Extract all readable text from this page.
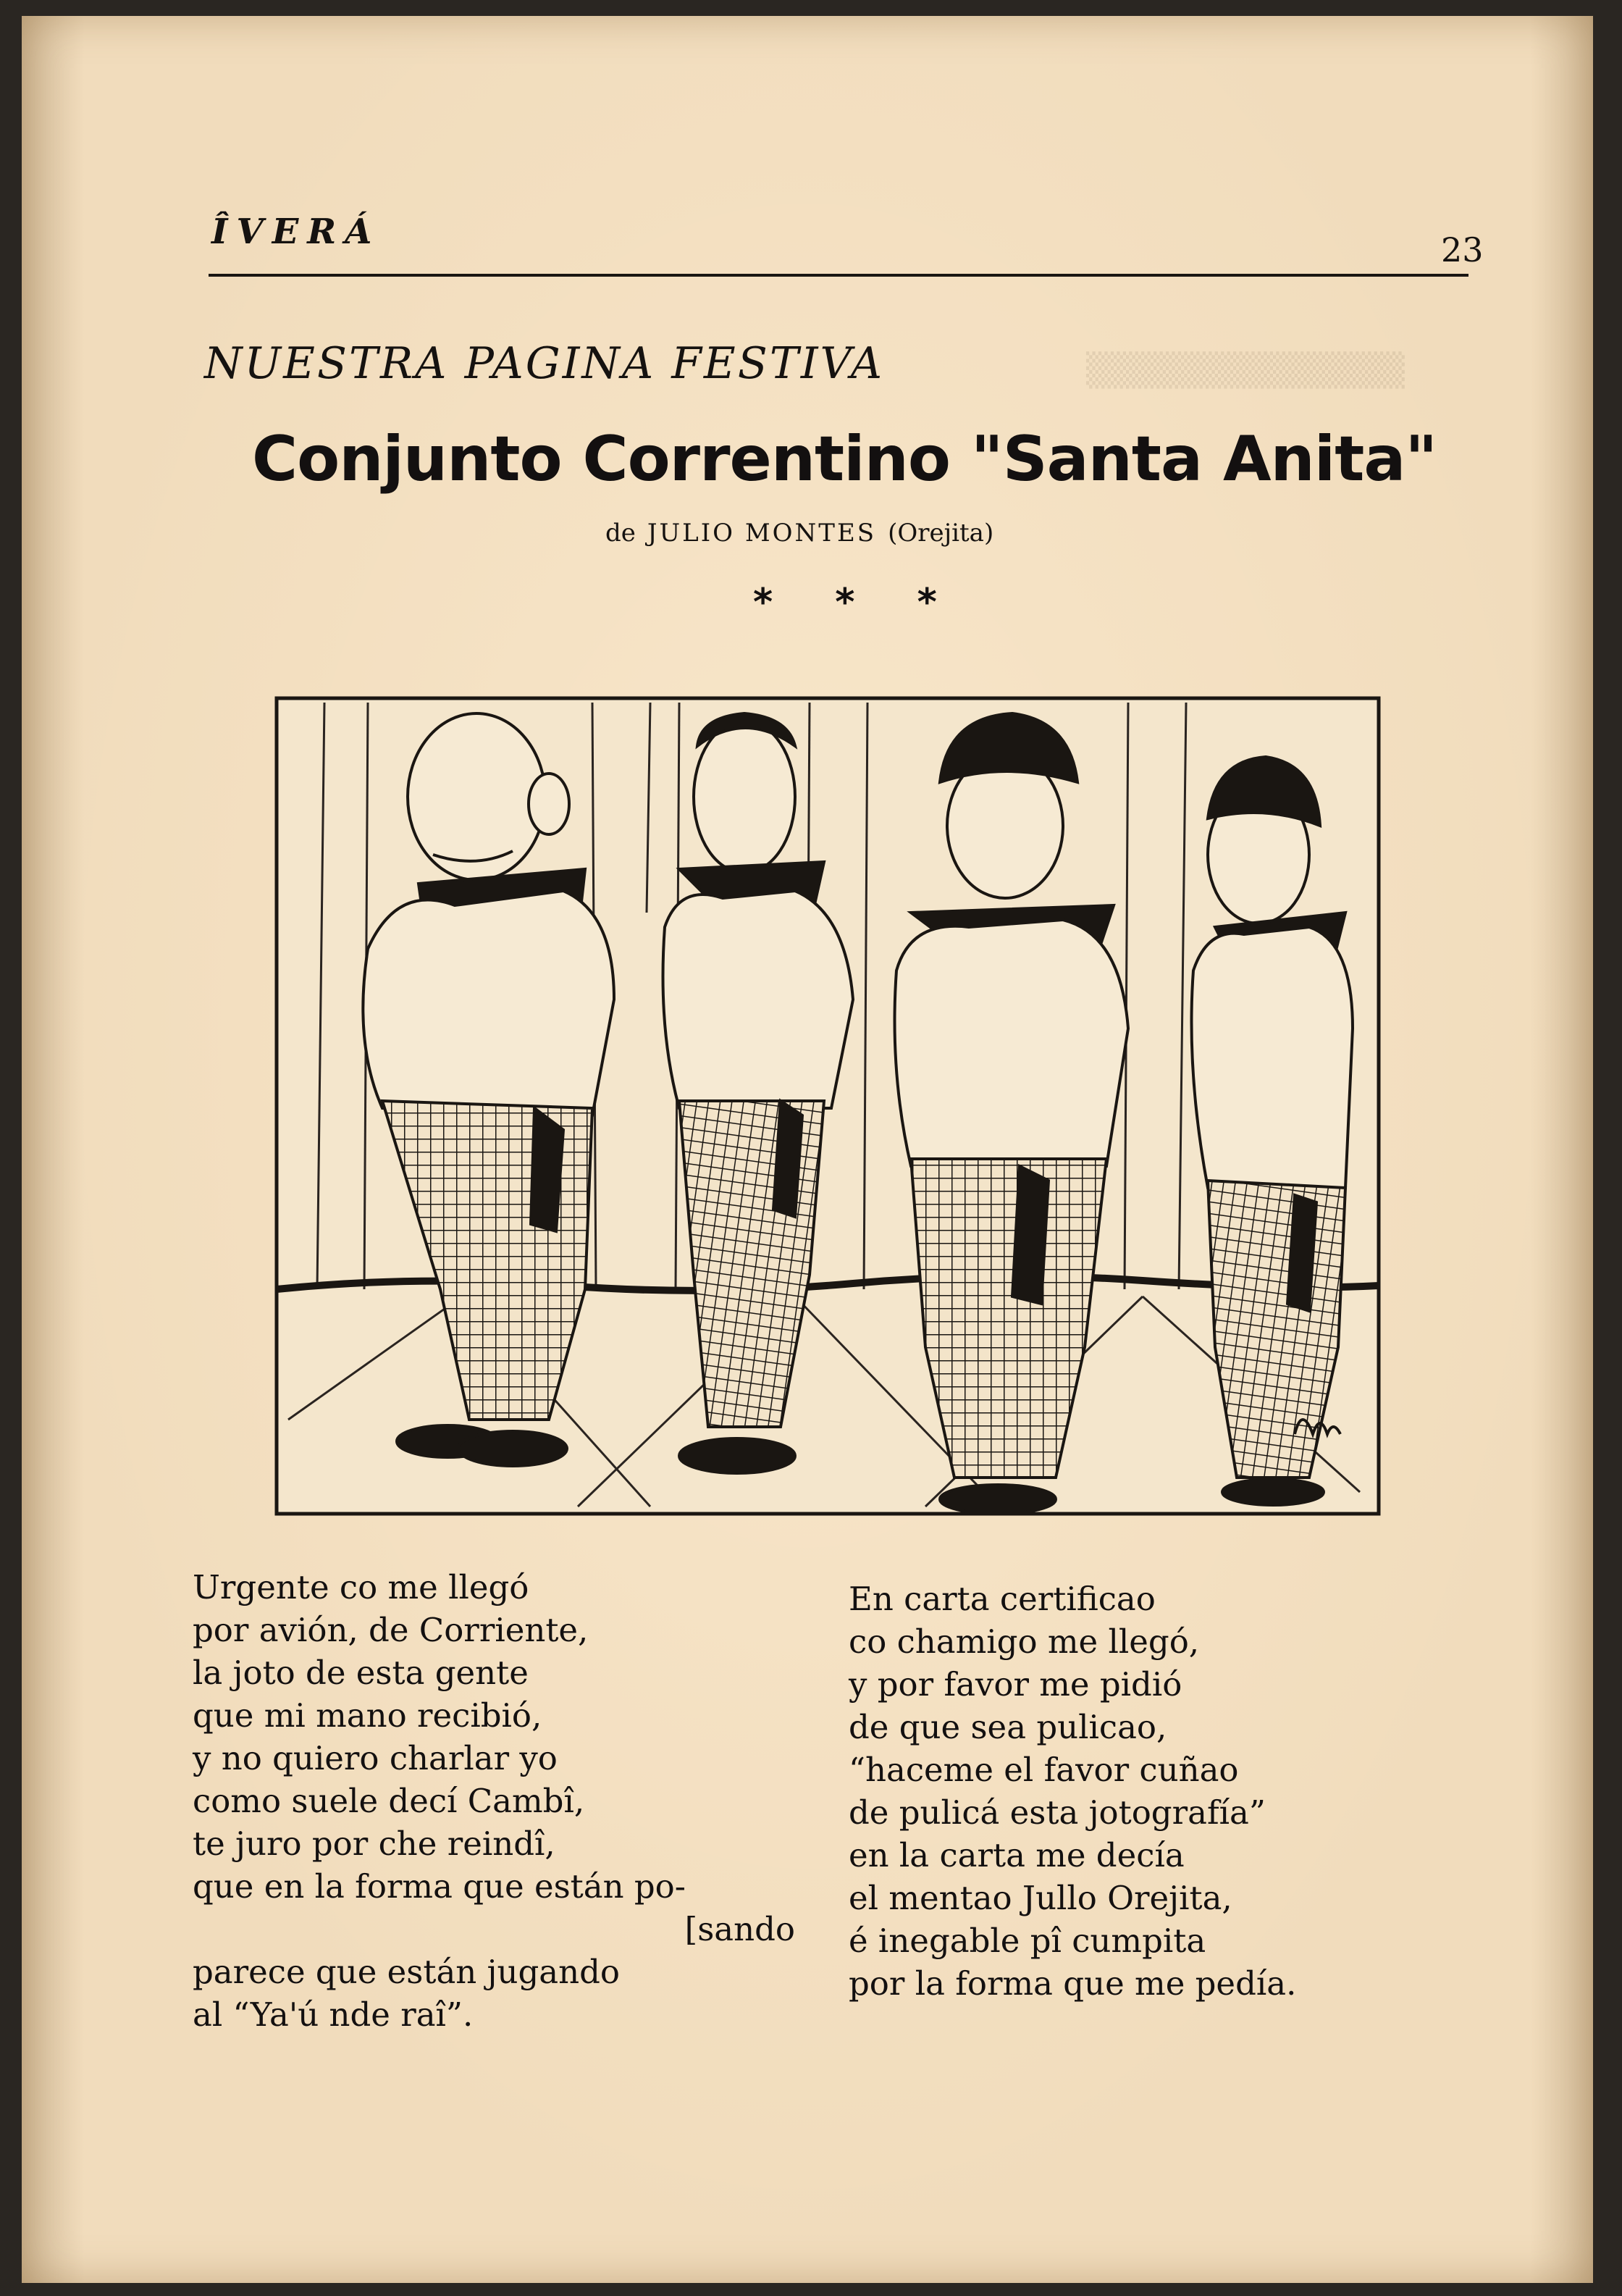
▒▒▒▒▒▒▒▒▒▒▒▒▒
ÎVERÁ	23
NUESTRA PAGINA FESTIVA
Conjunto Correntino "Santa Anita"
de JULIO MONTES (Orejita)
* * *
Urgente co me llegó
por avión, de Corriente,
la joto de esta gente
que mi mano recibió,
y no quiero charlar yo
como suele decí Cambî,
te juro por che reindî,
que en la forma que están po-
[sando
parece que están jugando
al “Ya'ú nde raî”.
En carta certificao
co chamigo me llegó,
y por favor me pidió
de que sea pulicao,
“haceme el favor cuñao
de pulicá esta jotografía”
en la carta me decía
el mentao Jullo Orejita,
é inegable pî cumpita
por la forma que me pedía.
